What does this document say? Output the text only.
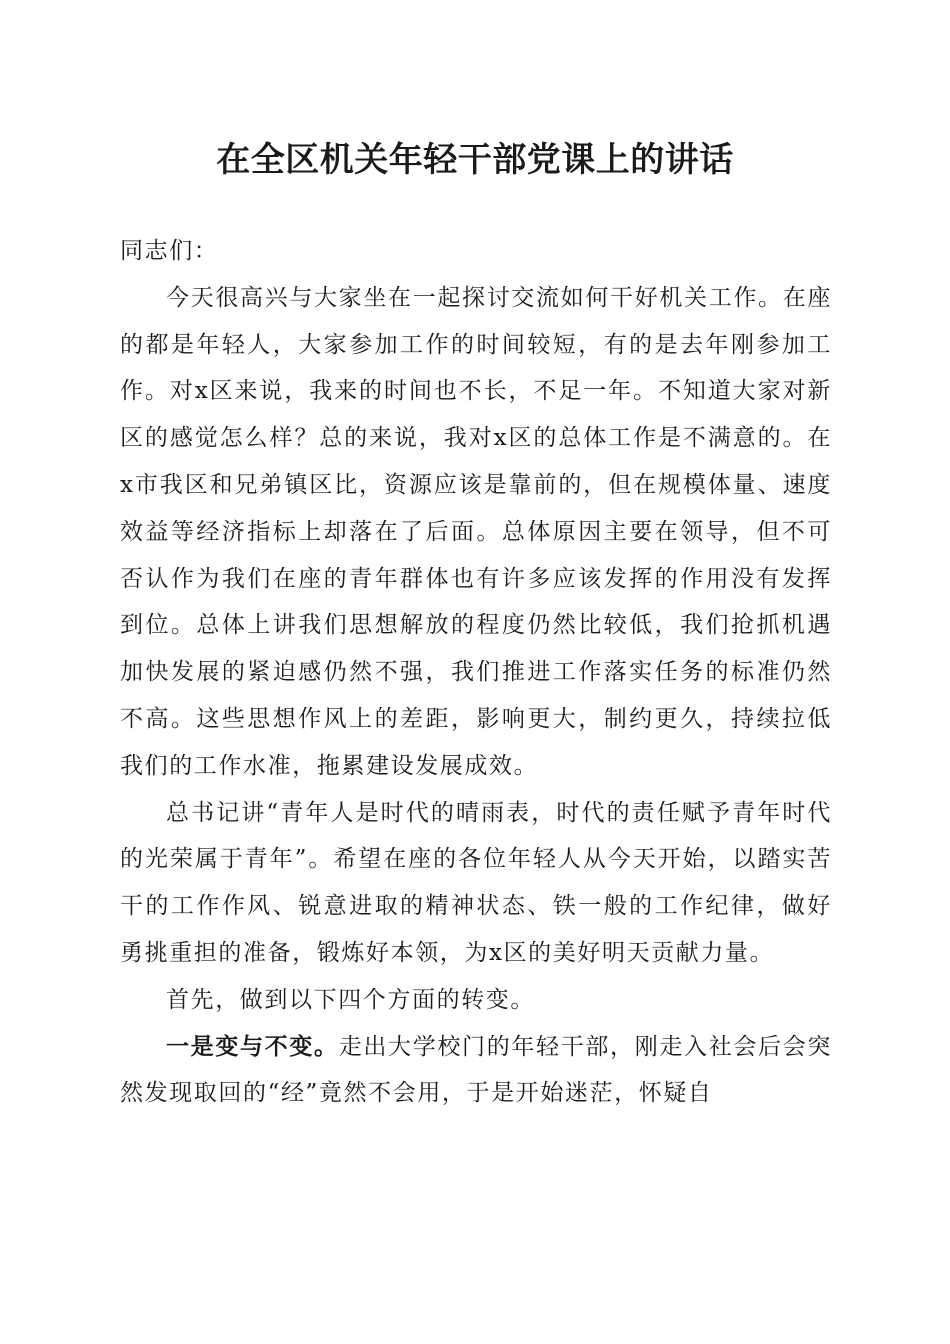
在全区机关年轻干部党课上的讲话

同志们：

今天很高兴与大家坐在一起探讨交流如何干好机关工作。在座的都是年轻人，大家参加工作的时间较短，有的是去年刚参加工作。对x区来说，我来的时间也不长，不足一年。不知道大家对新区的感觉怎么样？总的来说，我对x区的总体工作是不满意的。在x市我区和兄弟镇区比，资源应该是靠前的，但在规模体量、速度效益等经济指标上却落在了后面。总体原因主要在领导，但不可否认作为我们在座的青年群体也有许多应该发挥的作用没有发挥到位。总体上讲我们思想解放的程度仍然比较低，我们抢抓机遇加快发展的紧迫感仍然不强，我们推进工作落实任务的标准仍然不高。这些思想作风上的差距，影响更大，制约更久，持续拉低我们的工作水准，拖累建设发展成效。

总书记讲“青年人是时代的晴雨表，时代的责任赋予青年时代的光荣属于青年”。希望在座的各位年轻人从今天开始，以踏实苦干的工作作风、锐意进取的精神状态、铁一般的工作纪律，做好勇挑重担的准备，锻炼好本领，为x区的美好明天贡献力量。

首先，做到以下四个方面的转变。

一是变与不变。走出大学校门的年轻干部，刚走入社会后会突然发现取回的“经”竟然不会用，于是开始迷茫，怀疑自
